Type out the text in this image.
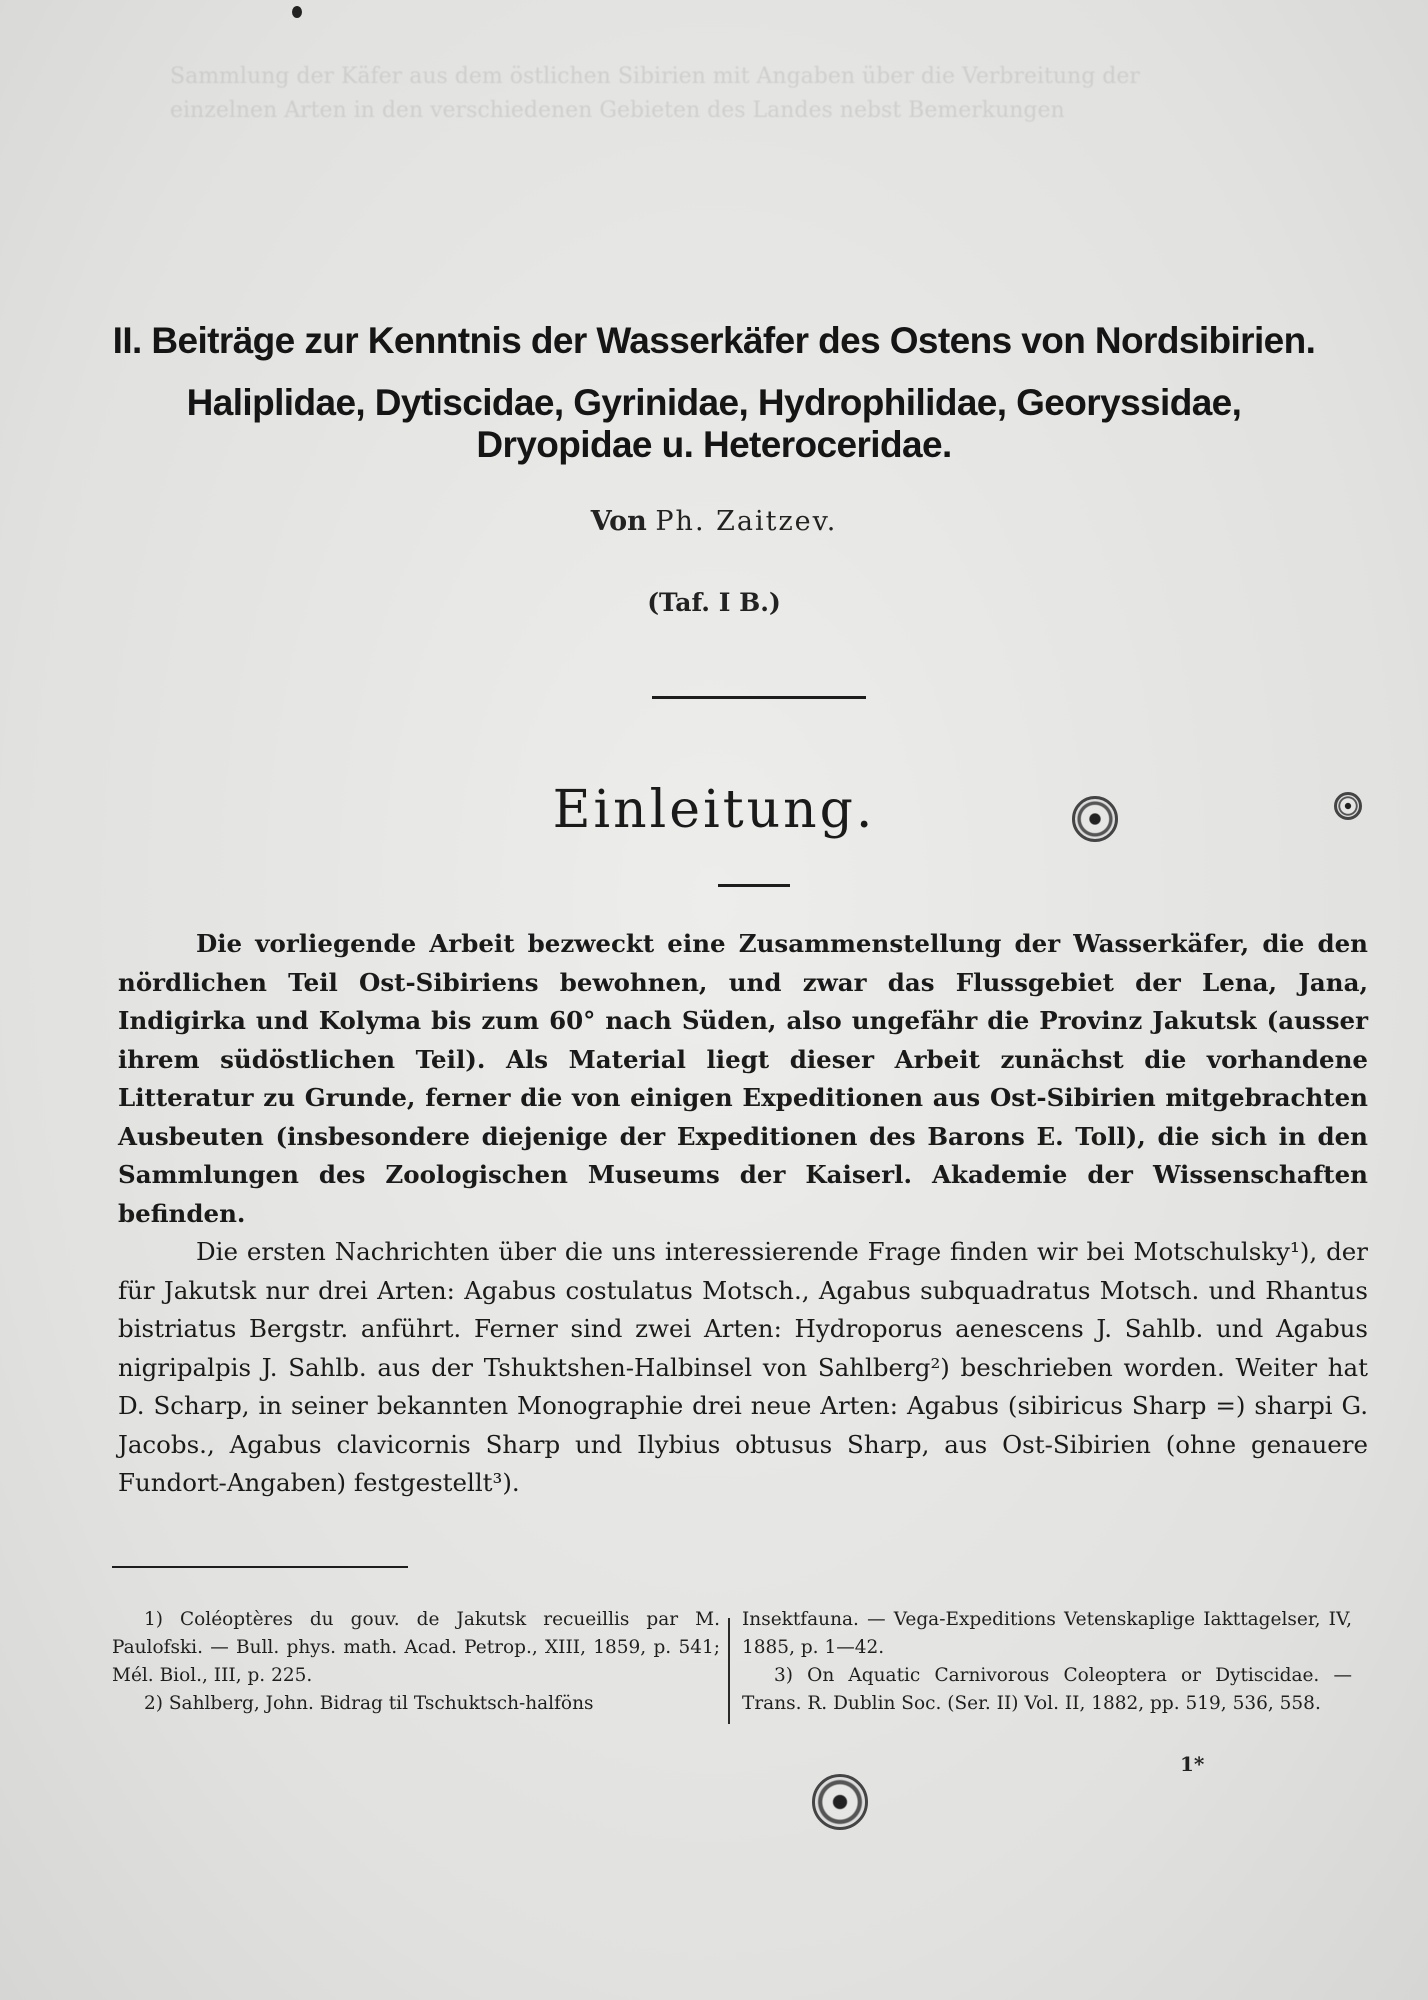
Sammlung der Käfer aus dem östlichen Sibirien mit Angaben über die Verbreitung der einzelnen Arten in den verschiedenen Gebieten des Landes nebst Bemerkungen
II. Beiträge zur Kenntnis der Wasserkäfer des Ostens von Nordsibirien.
Haliplidae, Dytiscidae, Gyrinidae, Hydrophilidae, Georyssidae, Dryopidae u. Heteroceridae.
Von Ph. Zaitzev.
(Taf. I B.)
Einleitung.

Die vorliegende Arbeit bezweckt eine Zusammenstellung der Wasserkäfer, die den nördlichen Teil Ost-Sibiriens bewohnen, und zwar das Flussgebiet der Lena, Jana, Indigirka und Kolyma bis zum 60° nach Süden, also ungefähr die Provinz Jakutsk (ausser ihrem südöstlichen Teil). Als Material liegt dieser Arbeit zunächst die vorhandene Litteratur zu Grunde, ferner die von einigen Expeditionen aus Ost-Sibirien mitgebrachten Ausbeuten (insbesondere diejenige der Expeditionen des Barons E. Toll), die sich in den Sammlungen des Zoologischen Museums der Kaiserl. Akademie der Wissenschaften befinden.

Die ersten Nachrichten über die uns interessierende Frage finden wir bei Motschulsky¹), der für Jakutsk nur drei Arten: Agabus costulatus Motsch., Agabus subquadratus Motsch. und Rhantus bistriatus Bergstr. anführt. Ferner sind zwei Arten: Hydroporus aenescens J. Sahlb. und Agabus nigripalpis J. Sahlb. aus der Tshuktshen-Halbinsel von Sahlberg²) beschrieben worden. Weiter hat D. Scharp, in seiner bekannten Monographie drei neue Arten: Agabus (sibiricus Sharp =) sharpi G. Jacobs., Agabus clavicornis Sharp und Ilybius obtusus Sharp, aus Ost-Sibirien (ohne genauere Fundort-Angaben) festgestellt³).

1) Coléoptères du gouv. de Jakutsk recueillis par M. Paulofski. — Bull. phys. math. Acad. Petrop., XIII, 1859, p. 541; Mél. Biol., III, p. 225.
2) Sahlberg, John. Bidrag til Tschuktsch-halföns
Insektfauna. — Vega-Expeditions Vetenskaplige Iakttagelser, IV, 1885, p. 1—42.
3) On Aquatic Carnivorous Coleoptera or Dytiscidae. — Trans. R. Dublin Soc. (Ser. II) Vol. II, 1882, pp. 519, 536, 558.
1*
